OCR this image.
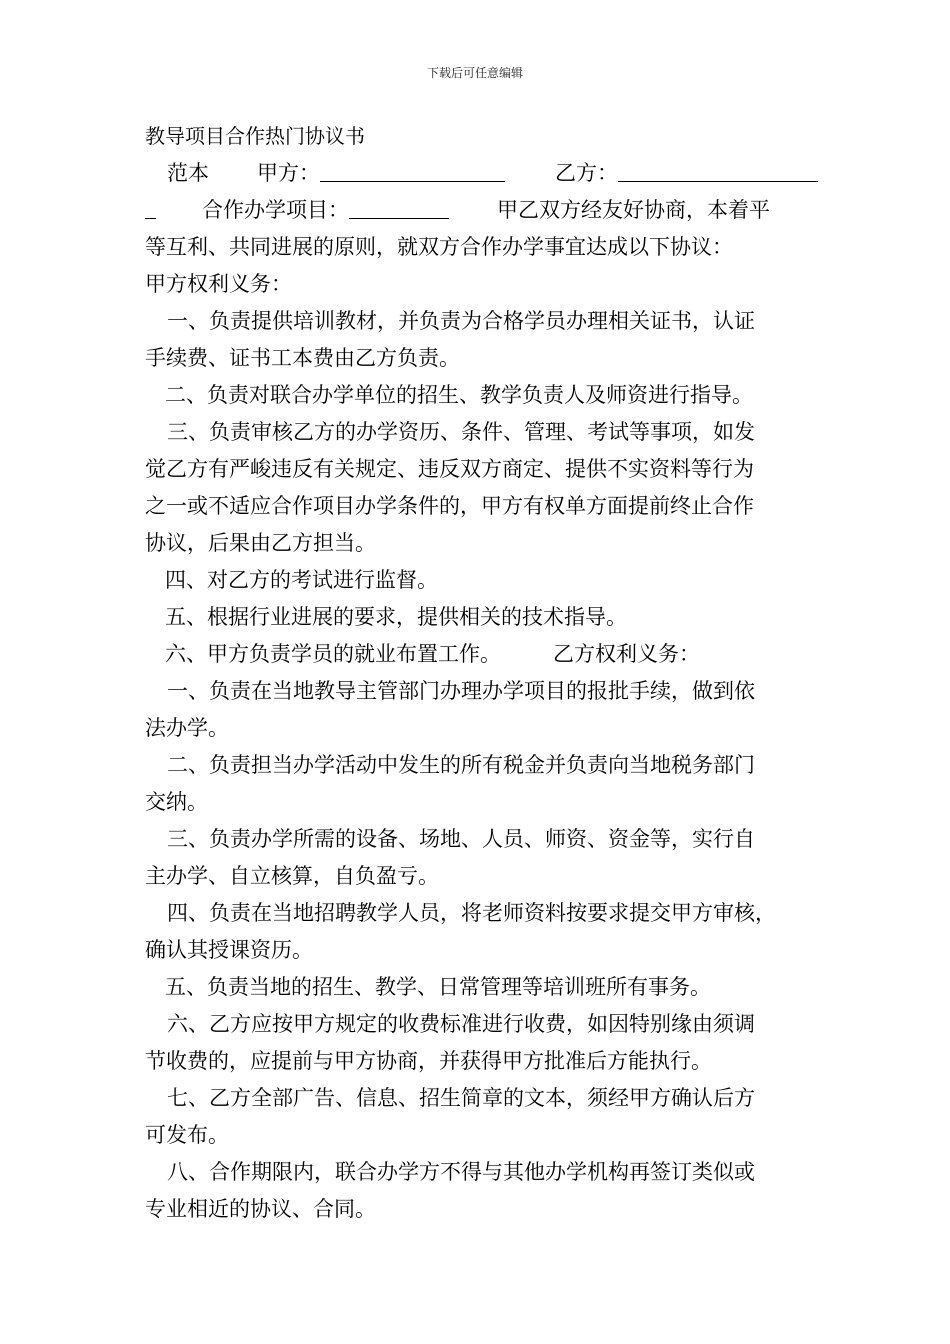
下载后可任意编辑
教导项目合作热门协议书
范本 甲方：	乙方：
合作办学项目：	甲乙双方经友好协商，本着平
等互利、共同进展的原则，就双方合作办学事宜达成以下协议：
甲方权利义务：
一、负责提供培训教材，并负责为合格学员办理相关证书，认证
手续费、证书工本费由乙方负责。
二、负责对联合办学单位的招生、教学负责人及师资进行指导。
三、负责审核乙方的办学资历、条件、管理、考试等事项，如发
觉乙方有严峻违反有关规定、违反双方商定、提供不实资料等行为
之一或不适应合作项目办学条件的，甲方有权单方面提前终止合作
协议，后果由乙方担当。
四、对乙方的考试进行监督。
五、根据行业进展的要求，提供相关的技术指导。
六、甲方负责学员的就业布置工作。 乙方权利义务：
一、负责在当地教导主管部门办理办学项目的报批手续，做到依
法办学。
二、负责担当办学活动中发生的所有税金并负责向当地税务部门
交纳。
三、负责办学所需的设备、场地、人员、师资、资金等，实行自
主办学、自立核算，自负盈亏。
四、负责在当地招聘教学人员，将老师资料按要求提交甲方审核，
确认其授课资历。
五、负责当地的招生、教学、日常管理等培训班所有事务。
六、乙方应按甲方规定的收费标准进行收费，如因特别缘由须调
节收费的，应提前与甲方协商，并获得甲方批准后方能执行。
七、乙方全部广告、信息、招生简章的文本，须经甲方确认后方
可发布。
八、合作期限内，联合办学方不得与其他办学机构再签订类似或
专业相近的协议、合同。
